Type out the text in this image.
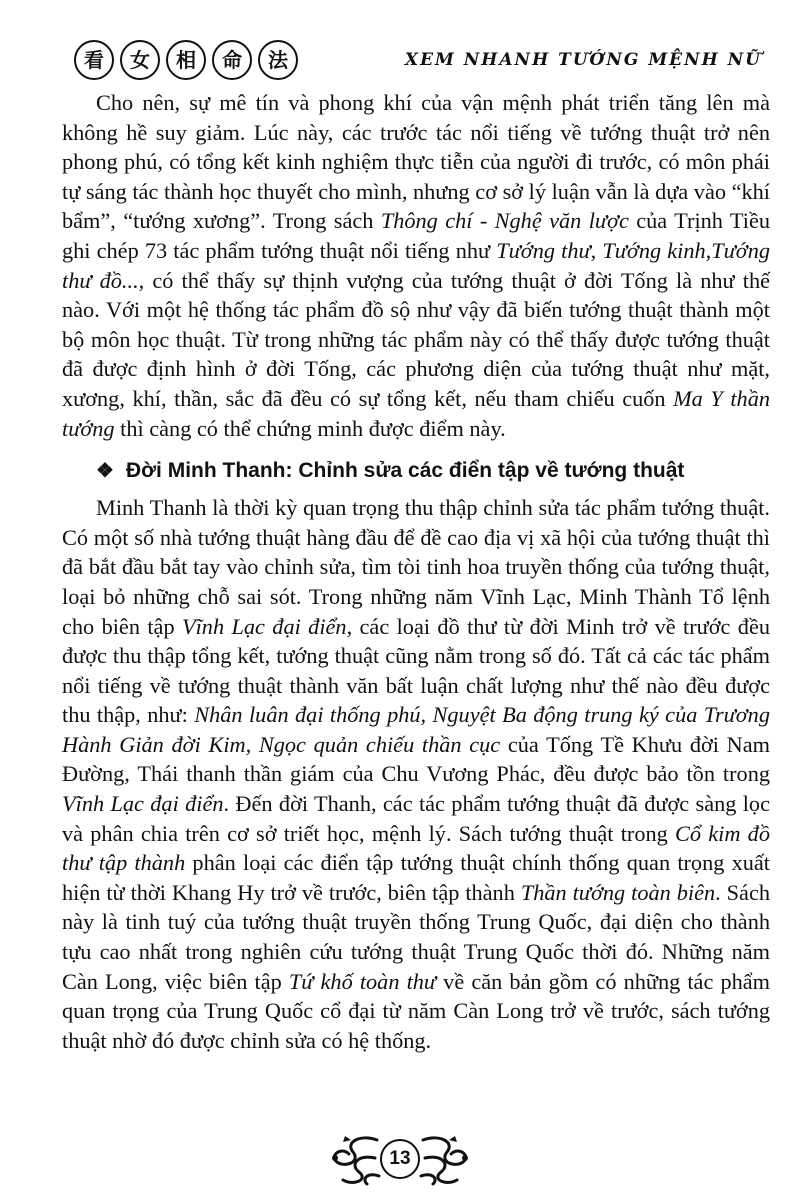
看	女	相	命	法	XEM NHANH TƯỚNG MỆNH NỮ

Cho nên, sự mê tín và phong khí của vận mệnh phát triển tăng lên mà không hề suy giảm. Lúc này, các trước tác nổi tiếng về tướng thuật trở nên phong phú, có tổng kết kinh nghiệm thực tiễn của người đi trước, có môn phái tự sáng tác thành học thuyết cho mình, nhưng cơ sở lý luận vẫn là dựa vào “khí bẩm”, “tướng xương”. Trong sách Thông chí - Nghệ văn lược của Trịnh Tiều ghi chép 73 tác phẩm tướng thuật nổi tiếng như Tướng thư, Tướng kinh,Tướng thư đồ..., có thể thấy sự thịnh vượng của tướng thuật ở đời Tống là như thế nào. Với một hệ thống tác phẩm đồ sộ như vậy đã biến tướng thuật thành một bộ môn học thuật. Từ trong những tác phẩm này có thể thấy được tướng thuật đã được định hình ở đời Tống, các phương diện của tướng thuật như mặt, xương, khí, thần, sắc đã đều có sự tổng kết, nếu tham chiếu cuốn Ma Y thần tướng thì càng có thể chứng minh được điểm này.

❖ Đời Minh Thanh: Chỉnh sửa các điển tập về tướng thuật

Minh Thanh là thời kỳ quan trọng thu thập chỉnh sửa tác phẩm tướng thuật. Có một số nhà tướng thuật hàng đầu để đề cao địa vị xã hội của tướng thuật thì đã bắt đầu bắt tay vào chỉnh sửa, tìm tòi tinh hoa truyền thống của tướng thuật, loại bỏ những chỗ sai sót. Trong những năm Vĩnh Lạc, Minh Thành Tổ lệnh cho biên tập Vĩnh Lạc đại điển, các loại đồ thư từ đời Minh trở về trước đều được thu thập tổng kết, tướng thuật cũng nằm trong số đó. Tất cả các tác phẩm nổi tiếng về tướng thuật thành văn bất luận chất lượng như thế nào đều được thu thập, như: Nhân luân đại thống phú, Nguyệt Ba động trung ký của Trương Hành Giản đời Kim, Ngọc quản chiếu thần cục của Tống Tề Khưu đời Nam Đường, Thái thanh thần giám của Chu Vương Phác, đều được bảo tồn trong Vĩnh Lạc đại điển. Đến đời Thanh, các tác phẩm tướng thuật đã được sàng lọc và phân chia trên cơ sở triết học, mệnh lý. Sách tướng thuật trong Cổ kim đồ thư tập thành phân loại các điển tập tướng thuật chính thống quan trọng xuất hiện từ thời Khang Hy trở về trước, biên tập thành Thần tướng toàn biên. Sách này là tinh tuý của tướng thuật truyền thống Trung Quốc, đại diện cho thành tựu cao nhất trong nghiên cứu tướng thuật Trung Quốc thời đó. Những năm Càn Long, việc biên tập Tứ khố toàn thư về căn bản gồm có những tác phẩm quan trọng của Trung Quốc cổ đại từ năm Càn Long trở về trước, sách tướng thuật nhờ đó được chỉnh sửa có hệ thống.

13
